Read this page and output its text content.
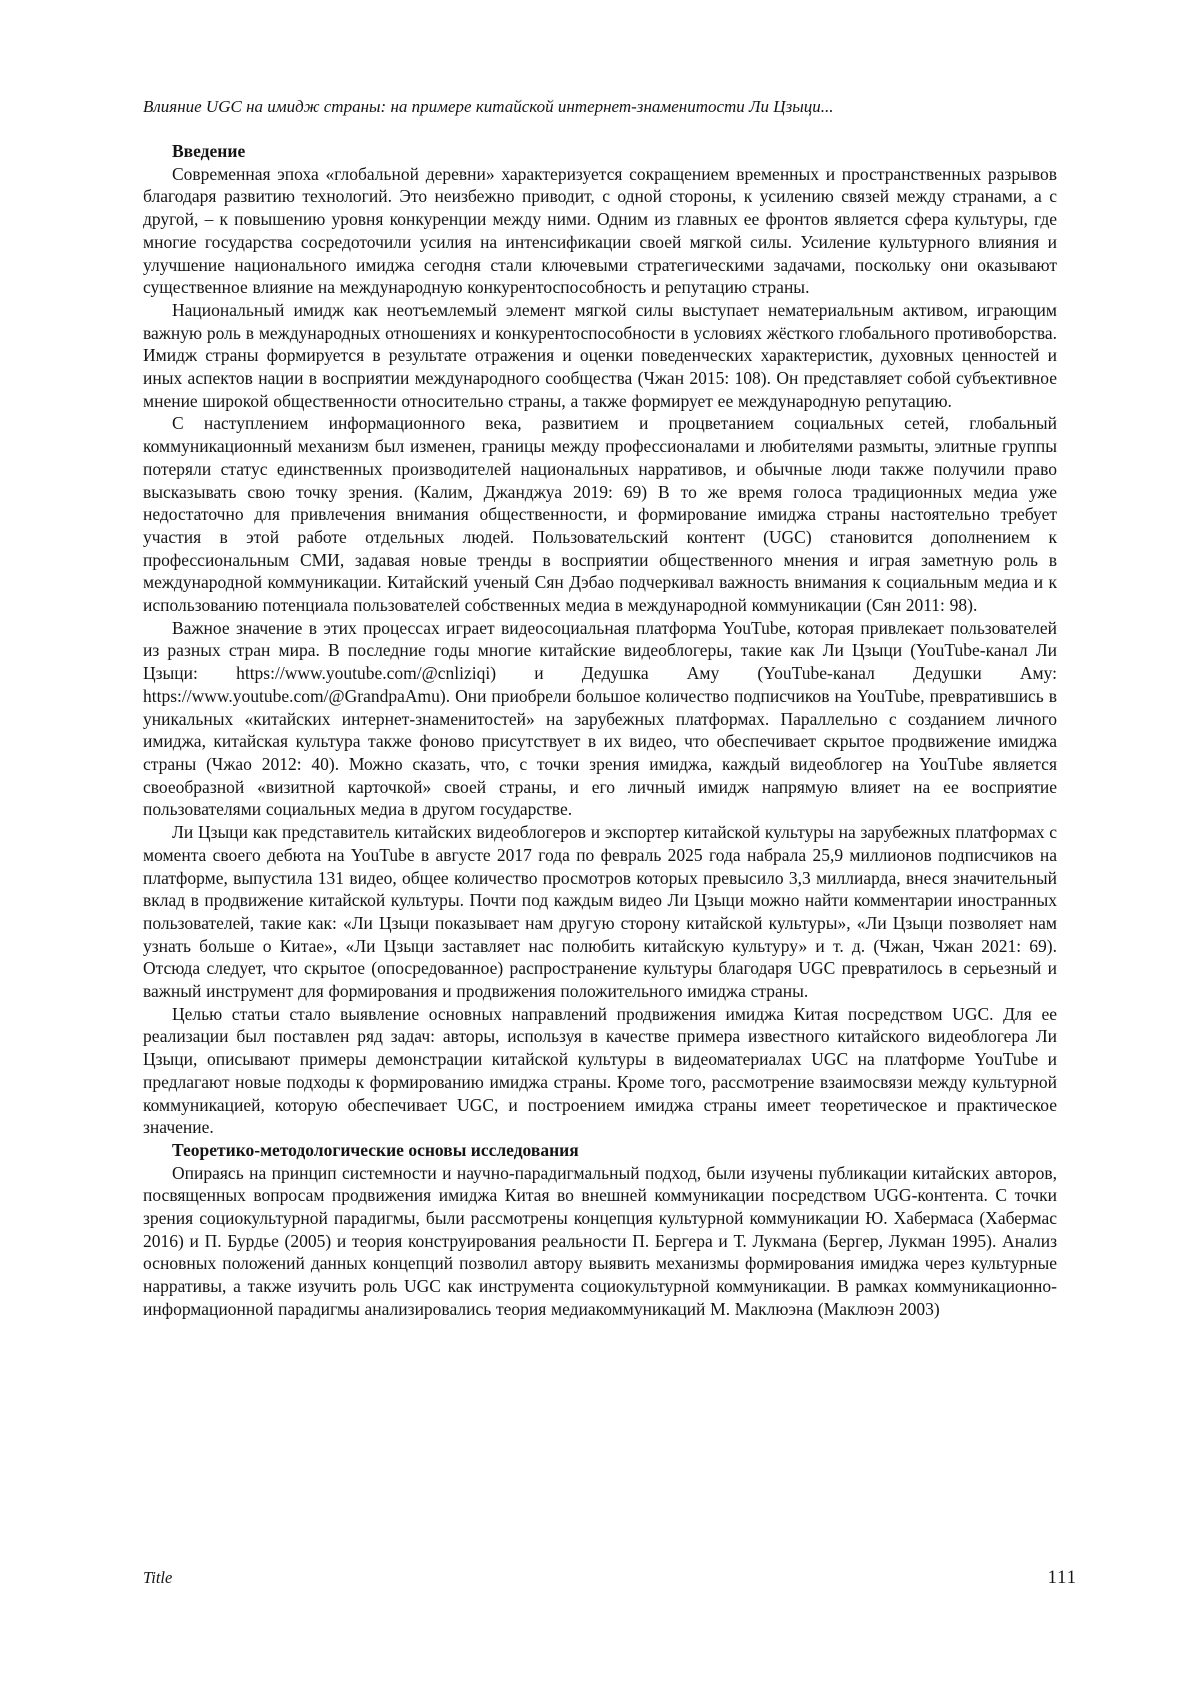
Влияние UGC на имидж страны: на примере китайской интернет-знаменитости Ли Цзыци...
Введение

Современная эпоха «глобальной деревни» характеризуется сокращением временных и пространственных разрывов благодаря развитию технологий. Это неизбежно приводит, с одной стороны, к усилению связей между странами, а с другой, – к повышению уровня конкуренции между ними. Одним из главных ее фронтов является сфера культуры, где многие государства сосредоточили усилия на интенсификации своей мягкой силы. Усиление культурного влияния и улучшение национального имиджа сегодня стали ключевыми стратегическими задачами, поскольку они оказывают существенное влияние на международную конкурентоспособность и репутацию страны.

Национальный имидж как неотъемлемый элемент мягкой силы выступает нематериальным активом, играющим важную роль в международных отношениях и конкурентоспособности в условиях жёсткого глобального противоборства. Имидж страны формируется в результате отражения и оценки поведенческих характеристик, духовных ценностей и иных аспектов нации в восприятии международного сообщества (Чжан 2015: 108). Он представляет собой субъективное мнение широкой общественности относительно страны, а также формирует ее международную репутацию.

С наступлением информационного века, развитием и процветанием социальных сетей, глобальный коммуникационный механизм был изменен, границы между профессионалами и любителями размыты, элитные группы потеряли статус единственных производителей национальных нарративов, и обычные люди также получили право высказывать свою точку зрения. (Калим, Джанджуа 2019: 69) В то же время голоса традиционных медиа уже недостаточно для привлечения внимания общественности, и формирование имиджа страны настоятельно требует участия в этой работе отдельных людей. Пользовательский контент (UGC) становится дополнением к профессиональным СМИ, задавая новые тренды в восприятии общественного мнения и играя заметную роль в международной коммуникации. Китайский ученый Сян Дэбао подчеркивал важность внимания к социальным медиа и к использованию потенциала пользователей собственных медиа в международной коммуникации (Сян 2011: 98).

Важное значение в этих процессах играет видеосоциальная платформа YouTube, которая привлекает пользователей из разных стран мира. В последние годы многие китайские видеоблогеры, такие как Ли Цзыци (YouTube-канал Ли Цзыци: https://www.youtube.com/@cnliziqi) и Дедушка Аму (YouTube-канал Дедушки Аму: https://www.youtube.com/@GrandpaAmu). Они приобрели большое количество подписчиков на YouTube, превратившись в уникальных «китайских интернет-знаменитостей» на зарубежных платформах. Параллельно с созданием личного имиджа, китайская культура также фоново присутствует в их видео, что обеспечивает скрытое продвижение имиджа страны (Чжао 2012: 40). Можно сказать, что, с точки зрения имиджа, каждый видеоблогер на YouTube является своеобразной «визитной карточкой» своей страны, и его личный имидж напрямую влияет на ее восприятие пользователями социальных медиа в другом государстве.

Ли Цзыци как представитель китайских видеоблогеров и экспортер китайской культуры на зарубежных платформах с момента своего дебюта на YouTube в августе 2017 года по февраль 2025 года набрала 25,9 миллионов подписчиков на платформе, выпустила 131 видео, общее количество просмотров которых превысило 3,3 миллиарда, внеся значительный вклад в продвижение китайской культуры. Почти под каждым видео Ли Цзыци можно найти комментарии иностранных пользователей, такие как: «Ли Цзыци показывает нам другую сторону китайской культуры», «Ли Цзыци позволяет нам узнать больше о Китае», «Ли Цзыци заставляет нас полюбить китайскую культуру» и т. д. (Чжан, Чжан 2021: 69). Отсюда следует, что скрытое (опосредованное) распространение культуры благодаря UGC превратилось в серьезный и важный инструмент для формирования и продвижения положительного имиджа страны.

Целью статьи стало выявление основных направлений продвижения имиджа Китая посредством UGC. Для ее реализации был поставлен ряд задач: авторы, используя в качестве примера известного китайского видеоблогера Ли Цзыци, описывают примеры демонстрации китайской культуры в видеоматериалах UGC на платформе YouTube и предлагают новые подходы к формированию имиджа страны. Кроме того, рассмотрение взаимосвязи между культурной коммуникацией, которую обеспечивает UGC, и построением имиджа страны имеет теоретическое и практическое значение.

Теоретико-методологические основы исследования

Опираясь на принцип системности и научно-парадигмальный подход, были изучены публикации китайских авторов, посвященных вопросам продвижения имиджа Китая во внешней коммуникации посредством UGG-контента. С точки зрения социокультурной парадигмы, были рассмотрены концепция культурной коммуникации Ю. Хабермаса (Хабермас 2016) и П. Бурдье (2005) и теория конструирования реальности П. Бергера и Т. Лукмана (Бергер, Лукман 1995). Анализ основных положений данных концепций позволил автору выявить механизмы формирования имиджа через культурные нарративы, а также изучить роль UGC как инструмента социокультурной коммуникации. В рамках коммуникационно-информационной парадигмы анализировались теория медиакоммуникаций М. Маклюэна (Маклюэн 2003)

Title	111
